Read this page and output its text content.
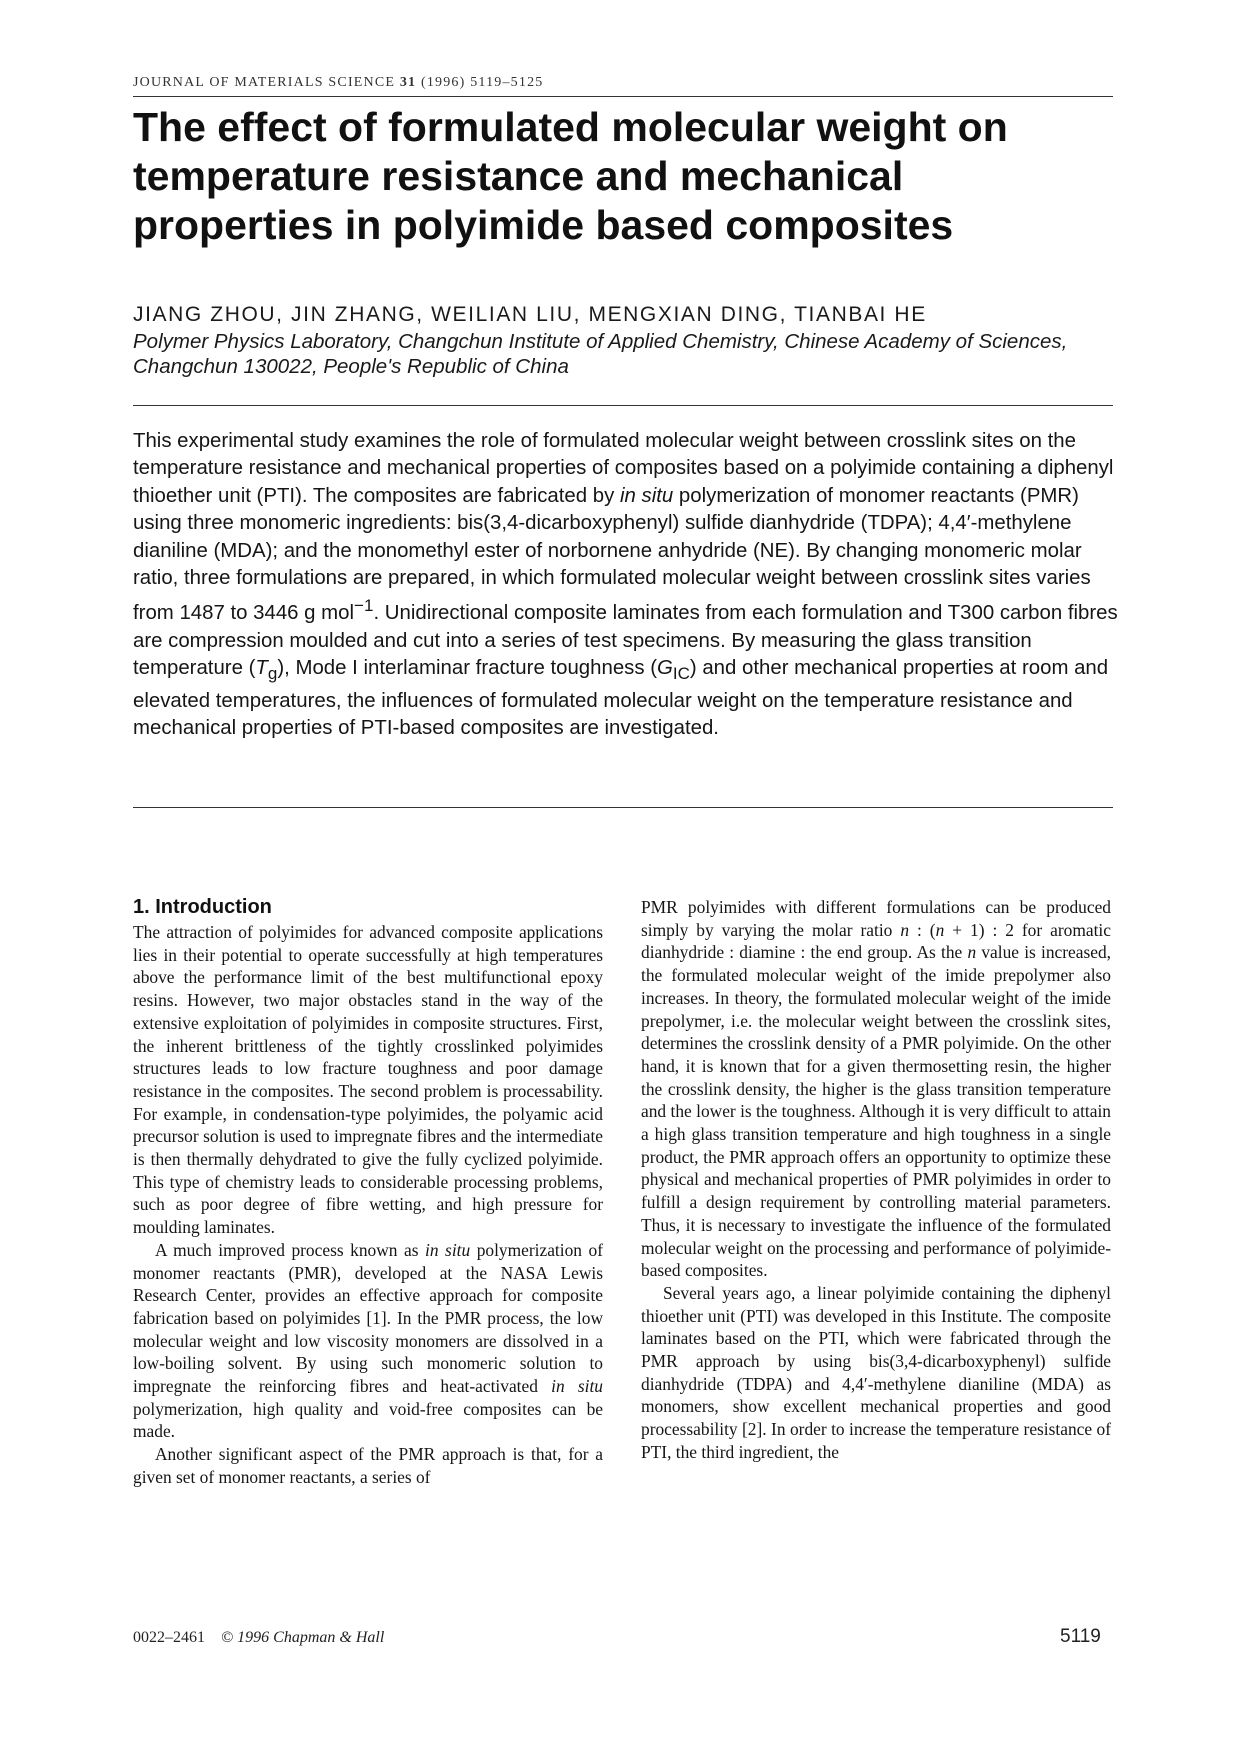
JOURNAL OF MATERIALS SCIENCE 31 (1996) 5119–5125
The effect of formulated molecular weight on temperature resistance and mechanical properties in polyimide based composites
JIANG ZHOU, JIN ZHANG, WEILIAN LIU, MENGXIAN DING, TIANBAI HE
Polymer Physics Laboratory, Changchun Institute of Applied Chemistry, Chinese Academy of Sciences, Changchun 130022, People's Republic of China

This experimental study examines the role of formulated molecular weight between crosslink sites on the temperature resistance and mechanical properties of composites based on a polyimide containing a diphenyl thioether unit (PTI). The composites are fabricated by in situ polymerization of monomer reactants (PMR) using three monomeric ingredients: bis(3,4-dicarboxyphenyl) sulfide dianhydride (TDPA); 4,4′-methylene dianiline (MDA); and the monomethyl ester of norbornene anhydride (NE). By changing monomeric molar ratio, three formulations are prepared, in which formulated molecular weight between crosslink sites varies from 1487 to 3446 g mol$^{-1}$. Unidirectional composite laminates from each formulation and T300 carbon fibres are compression moulded and cut into a series of test specimens. By measuring the glass transition temperature $(T_g)$, Mode I interlaminar fracture toughness $(G_{IC})$ and other mechanical properties at room and elevated temperatures, the influences of formulated molecular weight on the temperature resistance and mechanical properties of PTI-based composites are investigated.

1. Introduction

The attraction of polyimides for advanced composite applications lies in their potential to operate successfully at high temperatures above the performance limit of the best multifunctional epoxy resins. However, two major obstacles stand in the way of the extensive exploitation of polyimides in composite structures. First, the inherent brittleness of the tightly crosslinked polyimides structures leads to low fracture toughness and poor damage resistance in the composites. The second problem is processability. For example, in condensation-type polyimides, the polyamic acid precursor solution is used to impregnate fibres and the intermediate is then thermally dehydrated to give the fully cyclized polyimide. This type of chemistry leads to considerable processing problems, such as poor degree of fibre wetting, and high pressure for moulding laminates.

A much improved process known as in situ polymerization of monomer reactants (PMR), developed at the NASA Lewis Research Center, provides an effective approach for composite fabrication based on polyimides [1]. In the PMR process, the low molecular weight and low viscosity monomers are dissolved in a low-boiling solvent. By using such monomeric solution to impregnate the reinforcing fibres and heat-activated in situ polymerization, high quality and void-free composites can be made.

Another significant aspect of the PMR approach is that, for a given set of monomer reactants, a series of

PMR polyimides with different formulations can be produced simply by varying the molar ratio n : (n + 1) : 2 for aromatic dianhydride : diamine : the end group. As the n value is increased, the formulated molecular weight of the imide prepolymer also increases. In theory, the formulated molecular weight of the imide prepolymer, i.e. the molecular weight between the crosslink sites, determines the crosslink density of a PMR polyimide. On the other hand, it is known that for a given thermosetting resin, the higher the crosslink density, the higher is the glass transition temperature and the lower is the toughness. Although it is very difficult to attain a high glass transition temperature and high toughness in a single product, the PMR approach offers an opportunity to optimize these physical and mechanical properties of PMR polyimides in order to fulfill a design requirement by controlling material parameters. Thus, it is necessary to investigate the influence of the formulated molecular weight on the processing and performance of polyimide-based composites.

Several years ago, a linear polyimide containing the diphenyl thioether unit (PTI) was developed in this Institute. The composite laminates based on the PTI, which were fabricated through the PMR approach by using bis(3,4-dicarboxyphenyl) sulfide dianhydride (TDPA) and 4,4′-methylene dianiline (MDA) as monomers, show excellent mechanical properties and good processability [2]. In order to increase the temperature resistance of PTI, the third ingredient, the

0022–2461 © 1996 Chapman & Hall	5119
